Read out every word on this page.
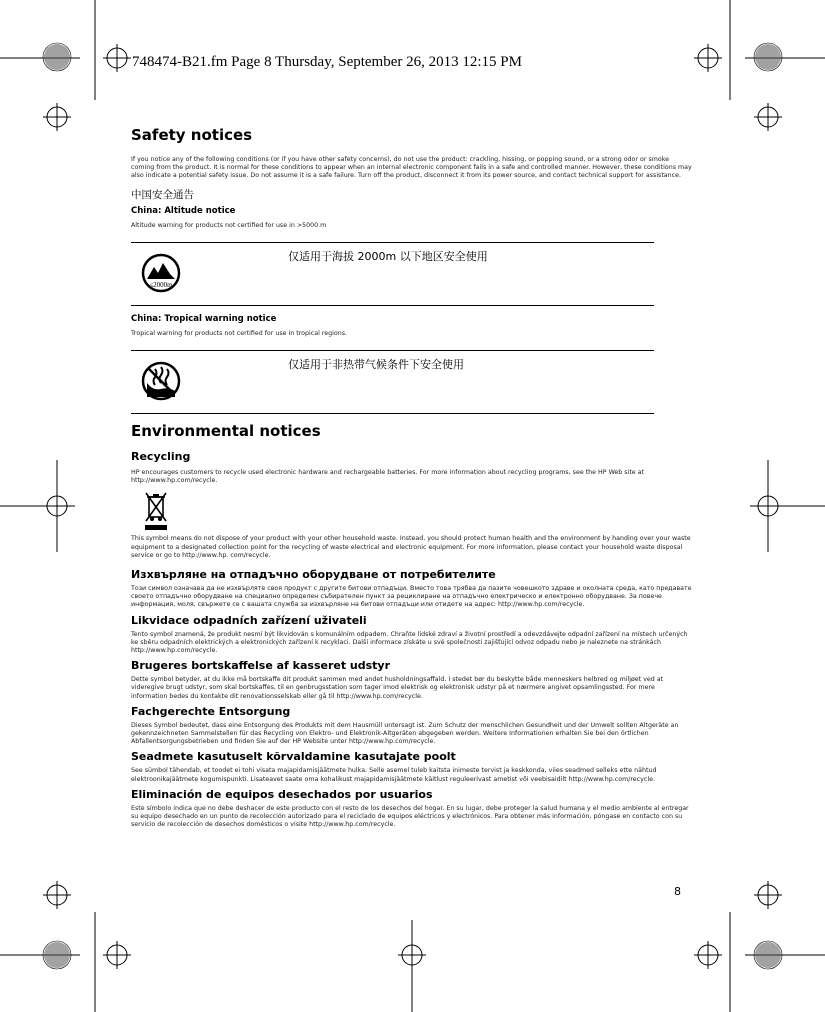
748474-B21.fm Page 8 Thursday, September 26, 2013 12:15 PM
Safety notices

If you notice any of the following conditions (or if you have other safety concerns), do not use the product: crackling, hissing, or popping sound, or a strong odor or smoke coming from the product. It is normal for these conditions to appear when an internal electronic component fails in a safe and controlled manner. However, these conditions may also indicate a potential safety issue. Do not assume it is a safe failure. Turn off the product, disconnect it from its power source, and contact technical support for assistance.

中国安全通告
China: Altitude notice

Altitude warning for products not certified for use in >5000 m

≤2000m
仅适用于海拔 2000m 以下地区安全使用
China: Tropical warning notice

Tropical warning for products not certified for use in tropical regions.

仅适用于非热带气候条件下安全使用
Environmental notices
Recycling

HP encourages customers to recycle used electronic hardware and rechargeable batteries. For more information about recycling programs, see the HP Web site at http://www.hp.com/recycle.

This symbol means do not dispose of your product with your other household waste. Instead, you should protect human health and the environment by handing over your waste equipment to a designated collection point for the recycling of waste electrical and electronic equipment. For more information, please contact your household waste disposal service or go to http://www.hp. com/recycle.

Изхвърляне на отпадъчно оборудване от потребителите

Този символ означава да не изхвърляте своя продукт с другите битови отпадъци. Вместо това трябва да пазите човешкото здраве и околната среда, като предавате своето отпадъчно оборудване на специално определен събирателен пункт за рециклиране на отпадъчно електрическо и електронно оборудване. За повече информация, моля, свържете се с вашата служба за изхвърляне на битови отпадъци или отидете на адрес: http://www.hp.com/recycle.

Likvidace odpadních zařízení uživateli

Tento symbol znamená, že produkt nesmí být likvidován s komunálním odpadem. Chraňte lidské zdraví a životní prostředí a odevzdávejte odpadní zařízení na místech určených ke sběru odpadních elektrických a elektronických zařízení k recyklaci. Další informace získáte u své společnosti zajišťující odvoz odpadu nebo je naleznete na stránkách http://www.hp.com/recycle.

Brugeres bortskaffelse af kasseret udstyr

Dette symbol betyder, at du ikke må bortskaffe dit produkt sammen med andet husholdningsaffald. I stedet bør du beskytte både menneskers helbred og miljøet ved at videregive brugt udstyr, som skal bortskaffes, til en genbrugsstation som tager imod elektrisk og elektronisk udstyr på et nærmere angivet opsamlingssted. For mere information bedes du kontakte dit renovationsselskab eller gå til http://www.hp.com/recycle.

Fachgerechte Entsorgung

Dieses Symbol bedeutet, dass eine Entsorgung des Produkts mit dem Hausmüll untersagt ist. Zum Schutz der menschlichen Gesundheit und der Umwelt sollten Altgeräte an gekennzeichneten Sammelstellen für das Recycling von Elektro- und Elektronik-Altgeräten abgegeben werden. Weitere Informationen erhalten Sie bei den örtlichen Abfallentsorgungsbetrieben und finden Sie auf der HP Website unter http://www.hp.com/recycle.

Seadmete kasutuselt kõrvaldamine kasutajate poolt

See sümbol tähendab, et toodet ei tohi visata majapidamisjäätmete hulka. Selle asemel tuleb kaitsta inimeste tervist ja keskkonda, viies seadmed selleks ette nähtud elektroonikajäätmete kogumispunkti. Lisateavet saate oma kohalikust majapidamisjäätmete käitlust reguleerivast ametist või veebisaidilt http://www.hp.com/recycle.

Eliminación de equipos desechados por usuarios

Este símbolo indica que no debe deshacer de este producto con el resto de los desechos del hogar. En su lugar, debe proteger la salud humana y el medio ambiente al entregar su equipo desechado en un punto de recolección autorizado para el reciclado de equipos eléctricos y electrónicos. Para obtener más información, póngase en contacto con su servicio de recolección de desechos domésticos o visite http://www.hp.com/recycle.

8
